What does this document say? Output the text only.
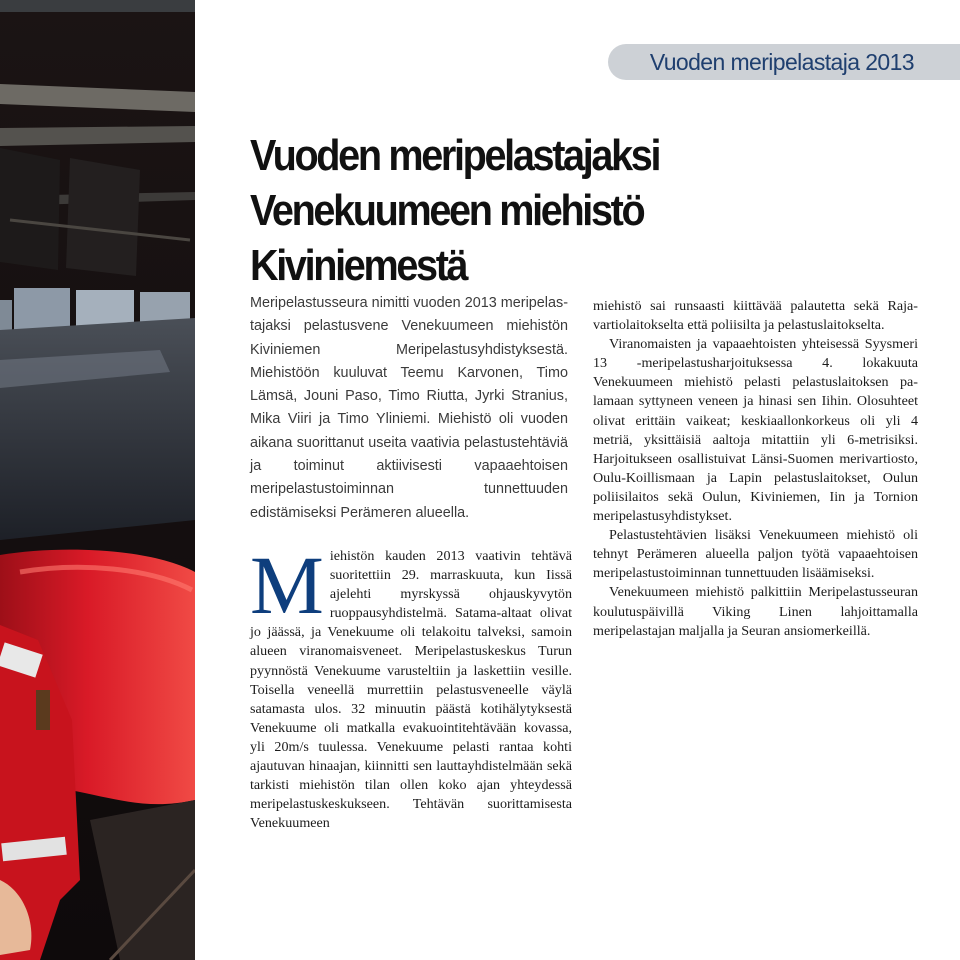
Vuoden meripelastaja 2013
Vuoden meripelastajaksi
Venekuumeen miehistö
Kiviniemestä

Meripelastusseura nimitti vuoden 2013 meripelastajaksi pelastusvene Venekuumeen miehistön Kiviniemen Meripelastusyhdistyksestä. Miehistöön kuuluvat Teemu Karvonen, Timo Lämsä, Jouni Paso, Timo Riutta, Jyrki Stranius, Mika Viiri ja Timo Yliniemi. Miehistö oli vuoden aikana suorittanut useita vaativia pelastustehtäviä ja toiminut aktiivisesti vapaaehtoisen meripelastustoiminnan tunnettuuden edistämiseksi Perämeren alueella.

M iehistön kauden 2013 vaativin tehtävä suoritettiin 29. marraskuuta, kun Iissä ajelehti myrskyssä ohjauskyvytön ruoppausyhdistelmä. Satama-altaat olivat jo jäässä, ja Venekuume oli telakoitu talveksi, samoin alueen viranomaisveneet. Meripelastuskeskus Turun pyynnöstä Venekuume varusteltiin ja laskettiin vesille. Toisella veneellä murrettiin pelastusveneelle väylä satamasta ulos. 32 minuutin päästä kotihälytyksestä Venekuume oli matkalla evakuointitehtävään kovassa, yli 20m/s tuulessa. Venekuume pelasti rantaa kohti ajautuvan hinaajan, kiinnitti sen lauttayhdistelmään sekä tarkisti miehistön tilan ollen koko ajan yhteydessä meripelastuskeskukseen. Tehtävän suorittamisesta Venekuumeen

miehistö sai runsaasti kiittävää palautetta sekä Rajavartiolaitokselta että poliisilta ja pelastuslaitokselta.

Viranomaisten ja vapaaehtoisten yhteisessä Syysmeri 13 -meripelastusharjoituksessa 4. lokakuuta Venekuumeen miehistö pelasti pelastuslaitoksen palamaan syttyneen veneen ja hinasi sen Iihin. Olosuhteet olivat erittäin vaikeat; keskiaallonkorkeus oli yli 4 metriä, yksittäisiä aaltoja mitattiin yli 6-metrisiksi. Harjoitukseen osallistuivat Länsi-Suomen merivartiosto, Oulu-Koillismaan ja Lapin pelastuslaitokset, Oulun poliisilaitos sekä Oulun, Kiviniemen, Iin ja Tornion meripelastusyhdistykset.

Pelastustehtävien lisäksi Venekuumeen miehistö oli tehnyt Perämeren alueella paljon työtä vapaaehtoisen meripelastustoiminnan tunnettuuden lisäämiseksi.

Venekuumeen miehistö palkittiin Meripelastusseuran koulutuspäivillä Viking Linen lahjoittamalla meripelastajan maljalla ja Seuran ansiomerkeillä.
